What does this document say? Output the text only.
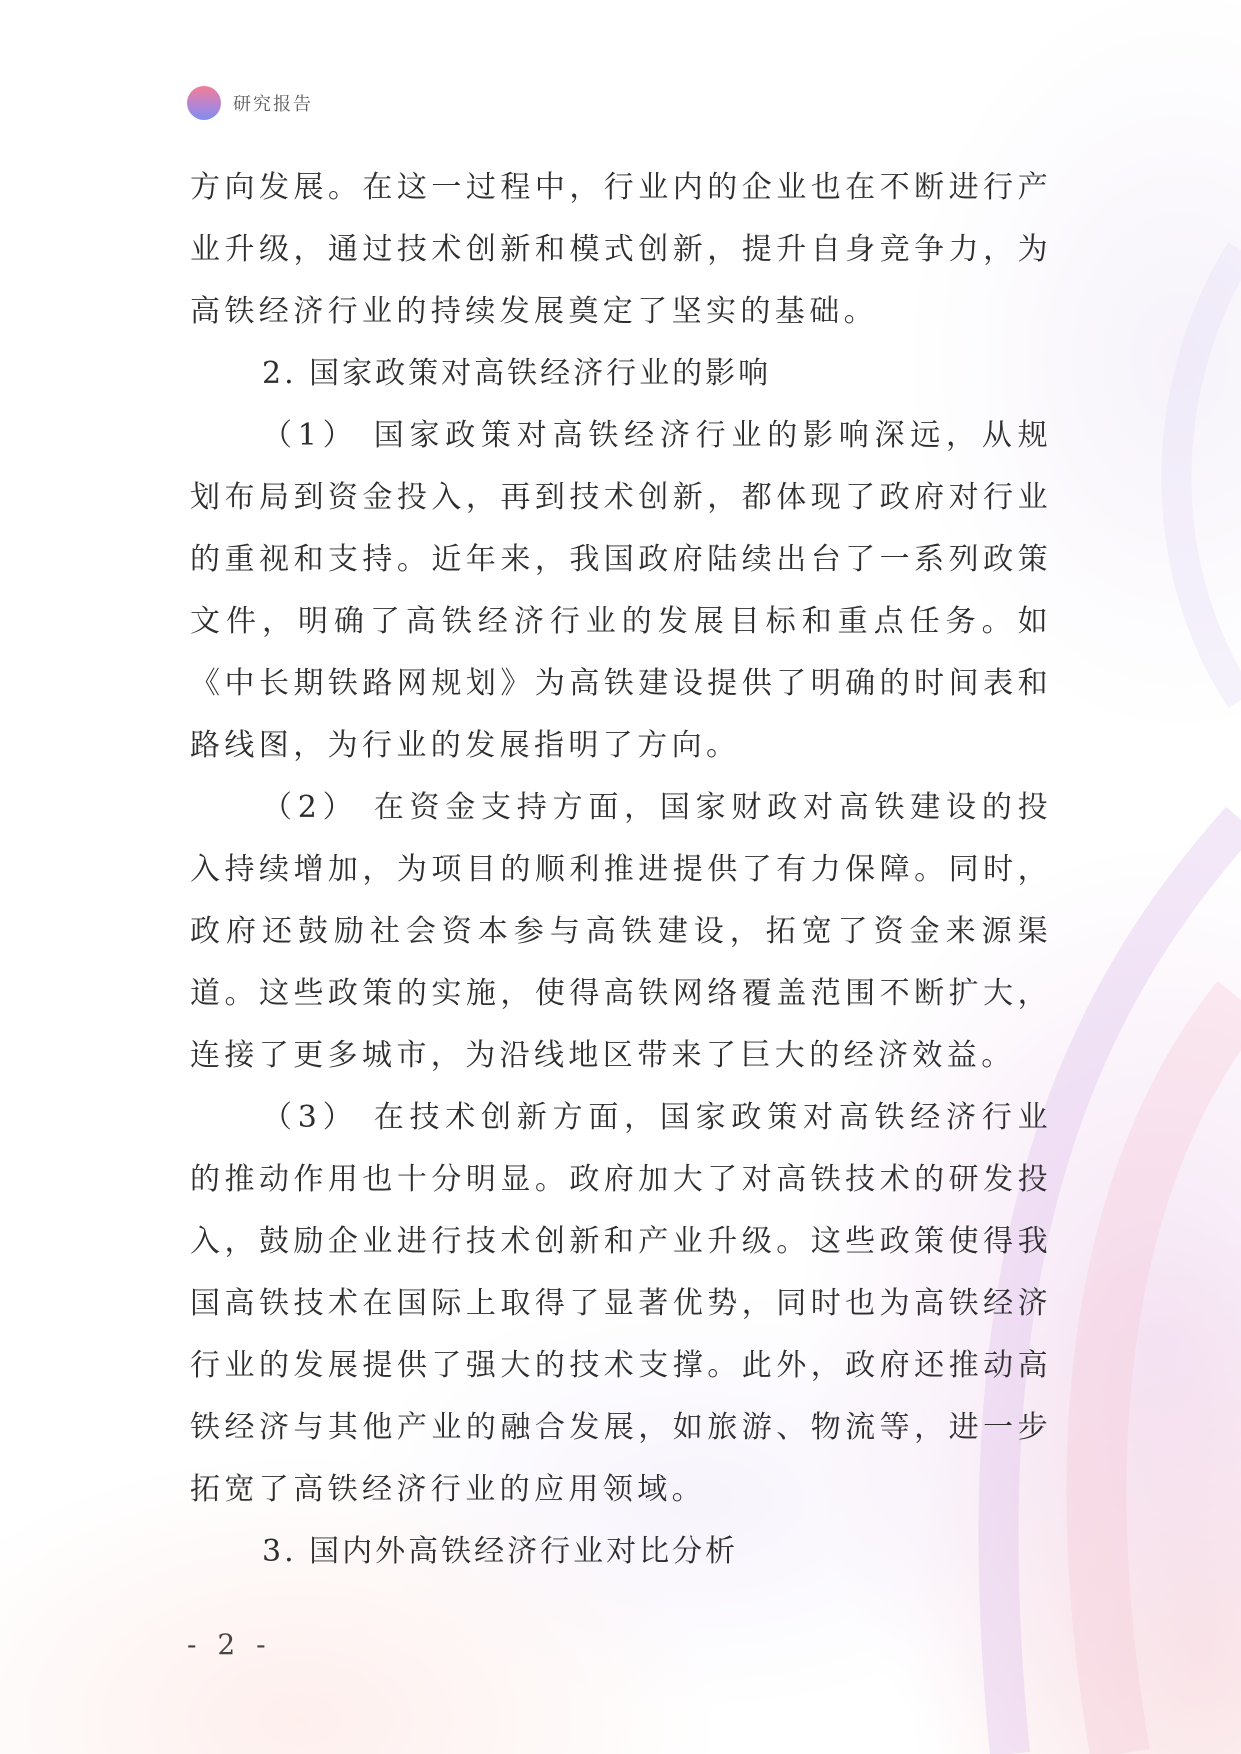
研究报告

方向发展。在这一过程中，行业内的企业也在不断进行产业升级，通过技术创新和模式创新，提升自身竞争力，为高铁经济行业的持续发展奠定了坚实的基础。

2. 国家政策对高铁经济行业的影响

（1） 国家政策对高铁经济行业的影响深远，从规划布局到资金投入，再到技术创新，都体现了政府对行业的重视和支持。近年来，我国政府陆续出台了一系列政策文件，明确了高铁经济行业的发展目标和重点任务。如《中长期铁路网规划》为高铁建设提供了明确的时间表和路线图，为行业的发展指明了方向。

（2） 在资金支持方面，国家财政对高铁建设的投入持续增加，为项目的顺利推进提供了有力保障。同时，政府还鼓励社会资本参与高铁建设，拓宽了资金来源渠道。这些政策的实施，使得高铁网络覆盖范围不断扩大，连接了更多城市，为沿线地区带来了巨大的经济效益。

（3） 在技术创新方面，国家政策对高铁经济行业的推动作用也十分明显。政府加大了对高铁技术的研发投入，鼓励企业进行技术创新和产业升级。这些政策使得我国高铁技术在国际上取得了显著优势，同时也为高铁经济行业的发展提供了强大的技术支撑。此外，政府还推动高铁经济与其他产业的融合发展，如旅游、物流等，进一步拓宽了高铁经济行业的应用领域。

3. 国内外高铁经济行业对比分析
- 2 -
